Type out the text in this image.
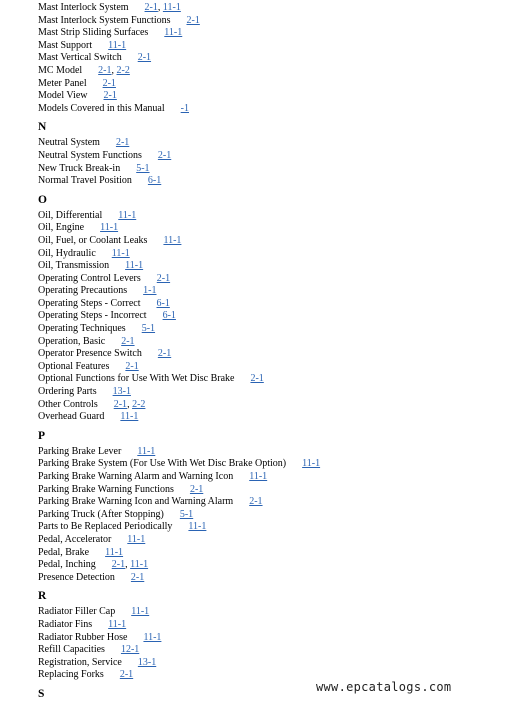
Mast Interlock System 2-1, 11-1
Mast Interlock System Functions 2-1
Mast Strip Sliding Surfaces 11-1
Mast Support 11-1
Mast Vertical Switch 2-1
MC Model 2-1, 2-2
Meter Panel 2-1
Model View 2-1
Models Covered in this Manual -1
N
Neutral System 2-1
Neutral System Functions 2-1
New Truck Break-in 5-1
Normal Travel Position 6-1
O
Oil, Differential 11-1
Oil, Engine 11-1
Oil, Fuel, or Coolant Leaks 11-1
Oil, Hydraulic 11-1
Oil, Transmission 11-1
Operating Control Levers 2-1
Operating Precautions 1-1
Operating Steps - Correct 6-1
Operating Steps - Incorrect 6-1
Operating Techniques 5-1
Operation, Basic 2-1
Operator Presence Switch 2-1
Optional Features 2-1
Optional Functions for Use With Wet Disc Brake 2-1
Ordering Parts 13-1
Other Controls 2-1, 2-2
Overhead Guard 11-1
P
Parking Brake Lever 11-1
Parking Brake System (For Use With Wet Disc Brake Option) 11-1
Parking Brake Warning Alarm and Warning Icon 11-1
Parking Brake Warning Functions 2-1
Parking Brake Warning Icon and Warning Alarm 2-1
Parking Truck (After Stopping) 5-1
Parts to Be Replaced Periodically 11-1
Pedal, Accelerator 11-1
Pedal, Brake 11-1
Pedal, Inching 2-1, 11-1
Presence Detection 2-1
R
Radiator Filler Cap 11-1
Radiator Fins 11-1
Radiator Rubber Hose 11-1
Refill Capacities 12-1
Registration, Service 13-1
Replacing Forks 2-1
S	www.epcatalogs.com
